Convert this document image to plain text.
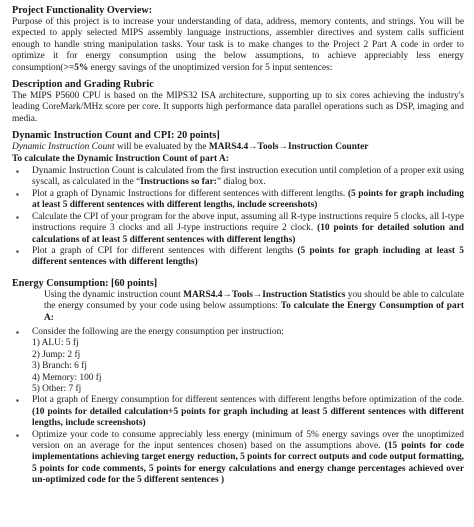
Project Functionality Overview:

Purpose of this project is to increase your understanding of data, address, memory contents, and strings. You will be expected to apply selected MIPS assembly language instructions, assembler directives and system calls sufficient enough to handle string manipulation tasks. Your task is to make changes to the Project 2 Part A code in order to optimize it for energy consumption using the below assumptions, to achieve appreciably less energy consumption(>=5% energy savings of the unoptimized version for 5 input sentences:

Description and Grading Rubric

The MIPS P5600 CPU is based on the MIPS32 ISA architecture, supporting up to six cores achieving the industry's leading CoreMark/MHz score per core. It supports high performance data parallel operations such as DSP, imaging and media.

Dynamic Instruction Count and CPI: 20 points]

Dynamic Instruction Count will be evaluated by the MARS4.4→Tools→Instruction Counter

To calculate the Dynamic Instruction Count of part A:

▪ Dynamic Instruction Count is calculated from the first instruction execution until completion of a proper exit using syscall, as calculated in the “Instructions so far:” dialog box.
▪ Plot a graph of Dynamic Instructions for different sentences with different lengths. (5 points for graph including at least 5 different sentences with different lengths, include screenshots)
▪ Calculate the CPI of your program for the above input, assuming all R-type instructions require 5 clocks, all I-type instructions require 3 clocks and all J-type instructions require 2 clock. (10 points for detailed solution and calculations of at least 5 different sentences with different lengths)
▪ Plot a graph of CPI for different sentences with different lengths (5 points for graph including at least 5 different sentences with different lengths)

Energy Consumption: [60 points]

Using the dynamic instruction count MARS4.4→Tools→Instruction Statistics you should be able to calculate the energy consumed by your code using below assumptions: To calculate the Energy Consumption of part A:

▪ Consider the following are the energy consumption per instruction:
1) ALU: 5 fj
2) Jump: 2 fj
3) Branch: 6 fj
4) Memory: 100 fj
5) Other: 7 fj
▪ Plot a graph of Energy consumption for different sentences with different lengths before optimization of the code. (10 points for detailed calculation+5 points for graph including at least 5 different sentences with different lengths, include screenshots)
▪ Optimize your code to consume appreciably less energy (minimum of 5% energy savings over the unoptimized version on an average for the input sentences chosen) based on the assumptions above. (15 points for code implementations achieving target energy reduction, 5 points for correct outputs and code output formatting, 5 points for code comments, 5 points for energy calculations and energy change percentages achieved over un-optimized code for the 5 different sentences )
